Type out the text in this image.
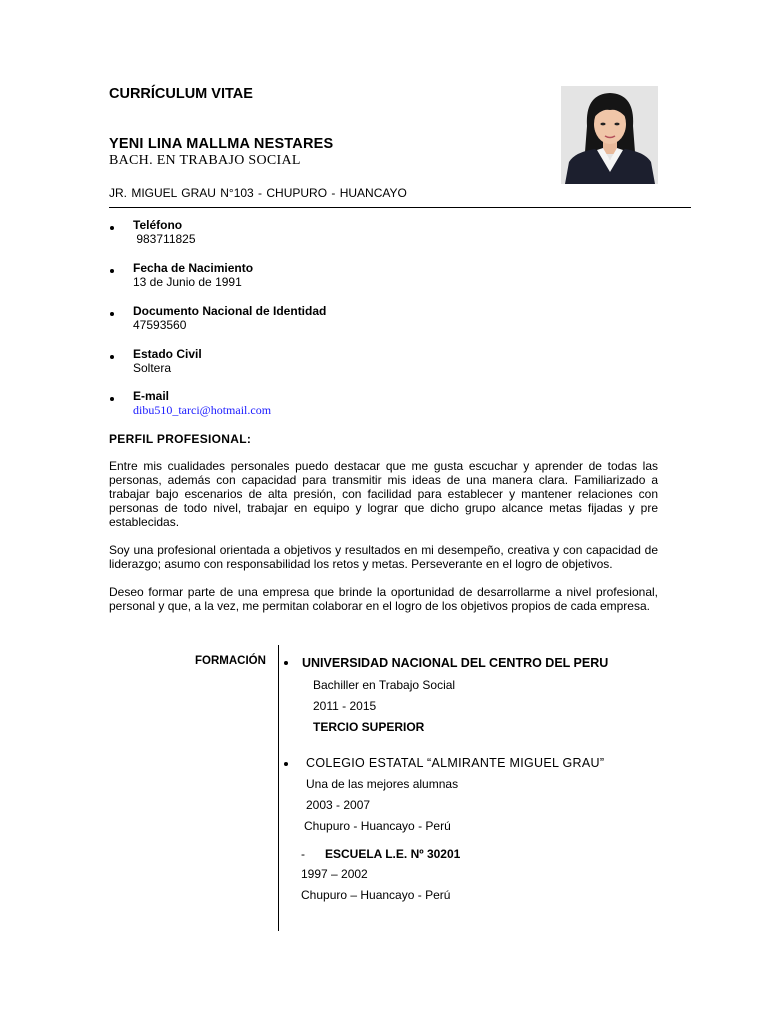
CURRÍCULUM VITAE
YENI LINA MALLMA NESTARES
BACH. EN TRABAJO SOCIAL
JR. MIGUEL GRAU N°103 - CHUPURO - HUANCAYO
Teléfono
983711825
Fecha de Nacimiento
13 de Junio de 1991
Documento Nacional de Identidad
47593560
Estado Civil
Soltera
E-mail
dibu510_tarci@hotmail.com
PERFIL PROFESIONAL:

Entre mis cualidades personales puedo destacar que me gusta escuchar y aprender de todas las personas, además con capacidad para transmitir mis ideas de una manera clara. Familiarizado a trabajar bajo escenarios de alta presión, con facilidad para establecer y mantener relaciones con personas de todo nivel, trabajar en equipo y lograr que dicho grupo alcance metas fijadas y pre establecidas.

Soy una profesional orientada a objetivos y resultados en mi desempeño, creativa y con capacidad de liderazgo; asumo con responsabilidad los retos y metas. Perseverante en el logro de objetivos.

Deseo formar parte de una empresa que brinde la oportunidad de desarrollarme a nivel profesional, personal y que, a la vez, me permitan colaborar en el logro de los objetivos propios de cada empresa.

FORMACIÓN	UNIVERSIDAD NACIONAL DEL CENTRO DEL PERU
Bachiller en Trabajo Social
2011 - 2015
TERCIO SUPERIOR
COLEGIO ESTATAL “ALMIRANTE MIGUEL GRAU”
Una de las mejores alumnas
2003 - 2007
Chupuro - Huancayo - Perú
- ESCUELA L.E. Nº 30201
1997 – 2002
Chupuro – Huancayo - Perú
